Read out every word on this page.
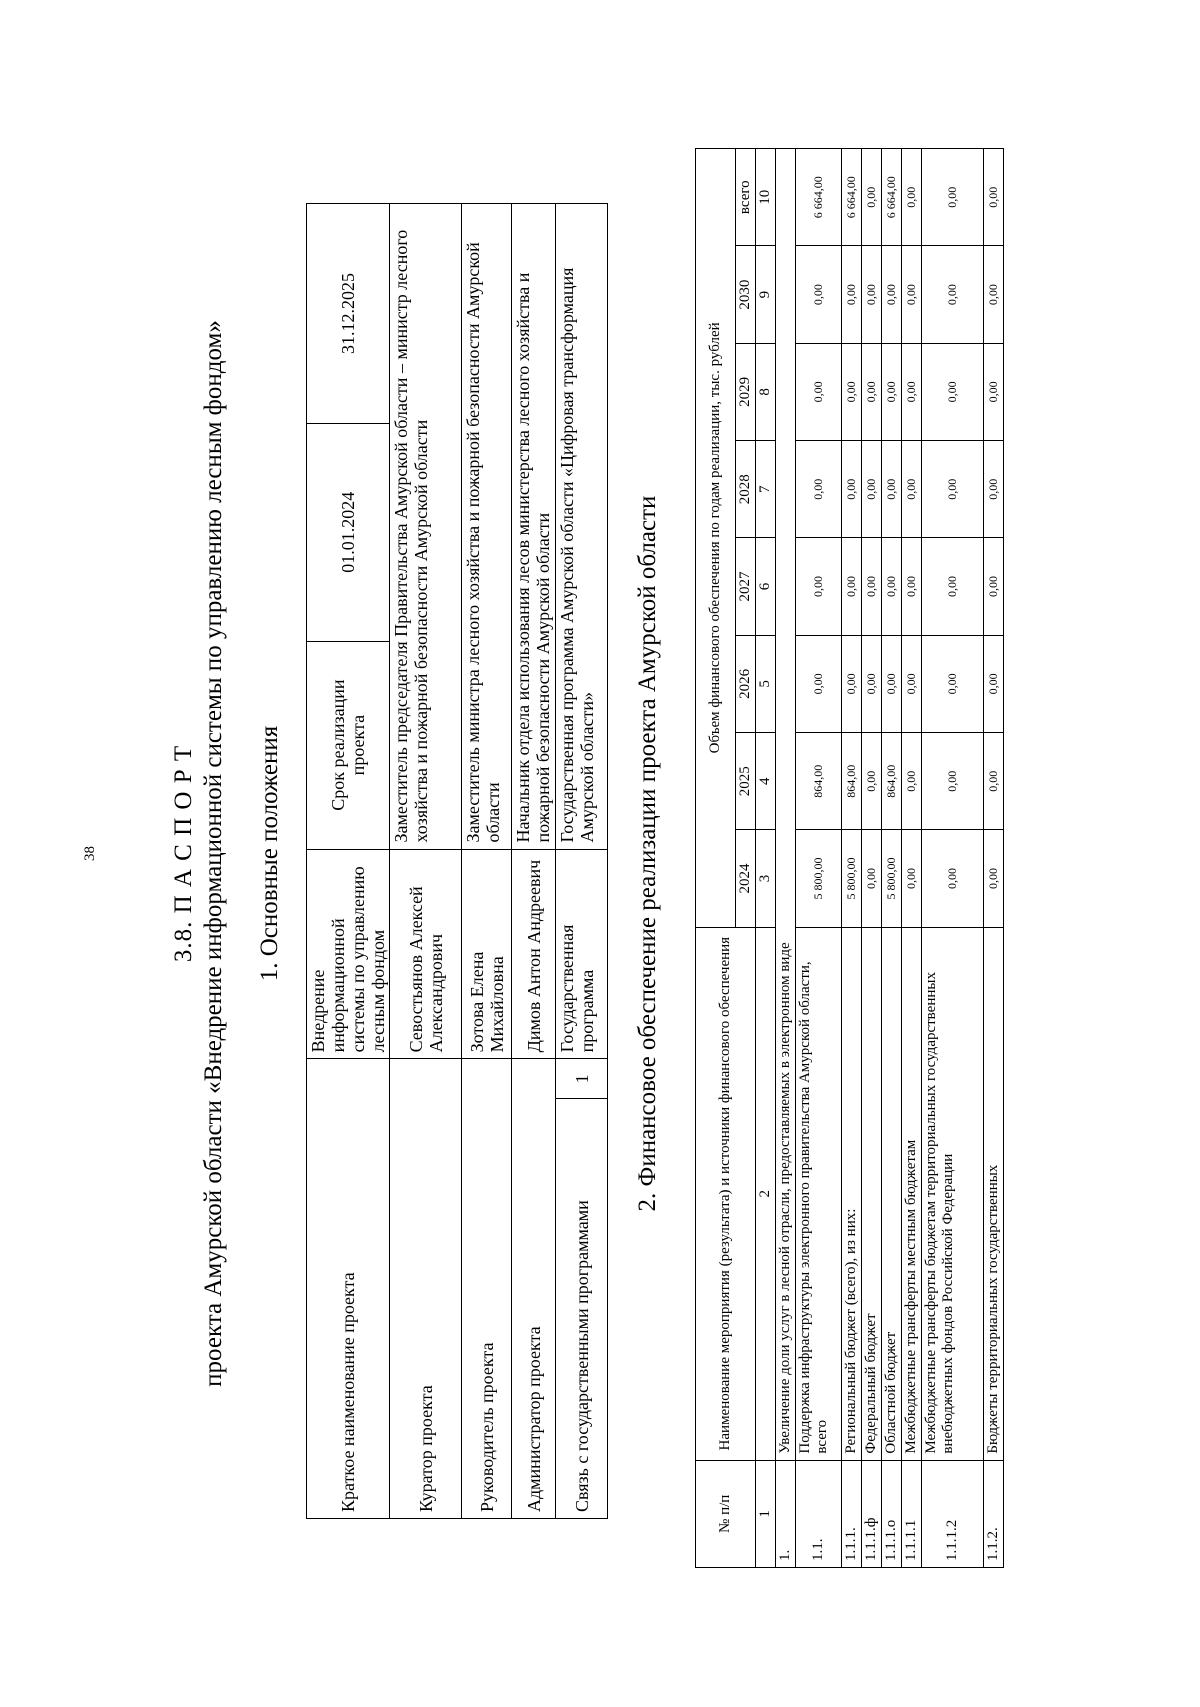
38	3.8. П А С П О Р Т проекта Амурской области «Внедрение информационной системы по управлению лесным фондом» 1. Основные положения
Краткое наименование проекта		Внедрение информационной системы по управлению лесным фондом	Срок реализации проекта	01.01.2024	31.12.2025
Куратор проекта		Севостьянов Алексей Александрович	Заместитель председателя Правительства Амурской области – министр лесного хозяйства и пожарной безопасности Амурской области		
Руководитель проекта		Зотова Елена Михайловна	Заместитель министра лесного хозяйства и пожарной безопасности Амурской области		
Администратор проекта		Димов Антон Андреевич	Начальник отдела использования лесов министерства лесного хозяйства и пожарной безопасности Амурской области		
Связь с государственными программами	1	Государственная программа	Государственная программа Амурской области «Цифровая трансформация Амурской области»		2. Финансовое обеспечение реализации проекта Амурской области
№ п/п	Наименование мероприятия (результата) и источники финансового обеспечения	Объем финансового обеспечения по годам реализации, тыс. рублей							
		2024	2025	2026	2027	2028	2029	2030	всего
1	2	3	4	5	6	7	8	9	10
1.	Увеличение доли услуг в лесной отрасли, предоставляемых в электронном виде								
1.1.	Поддержка инфраструктуры электронного правительства Амурской области, всего	5 800,00	864,00	0,00	0,00	0,00	0,00	0,00	6 664,00
1.1.1.	Региональный бюджет (всего), из них:	5 800,00	864,00	0,00	0,00	0,00	0,00	0,00	6 664,00
1.1.1.ф	Федеральный бюджет	0,00	0,00	0,00	0,00	0,00	0,00	0,00	0,00
1.1.1.о	Областной бюджет	5 800,00	864,00	0,00	0,00	0,00	0,00	0,00	6 664,00
1.1.1.1	Межбюджетные трансферты местным бюджетам	0,00	0,00	0,00	0,00	0,00	0,00	0,00	0,00
1.1.1.2	Межбюджетные трансферты бюджетам территориальных государственных внебюджетных фондов Российской Федерации	0,00	0,00	0,00	0,00	0,00	0,00	0,00	0,00
1.1.2.	Бюджеты территориальных государственных	0,00	0,00	0,00	0,00	0,00	0,00	0,00	0,00
